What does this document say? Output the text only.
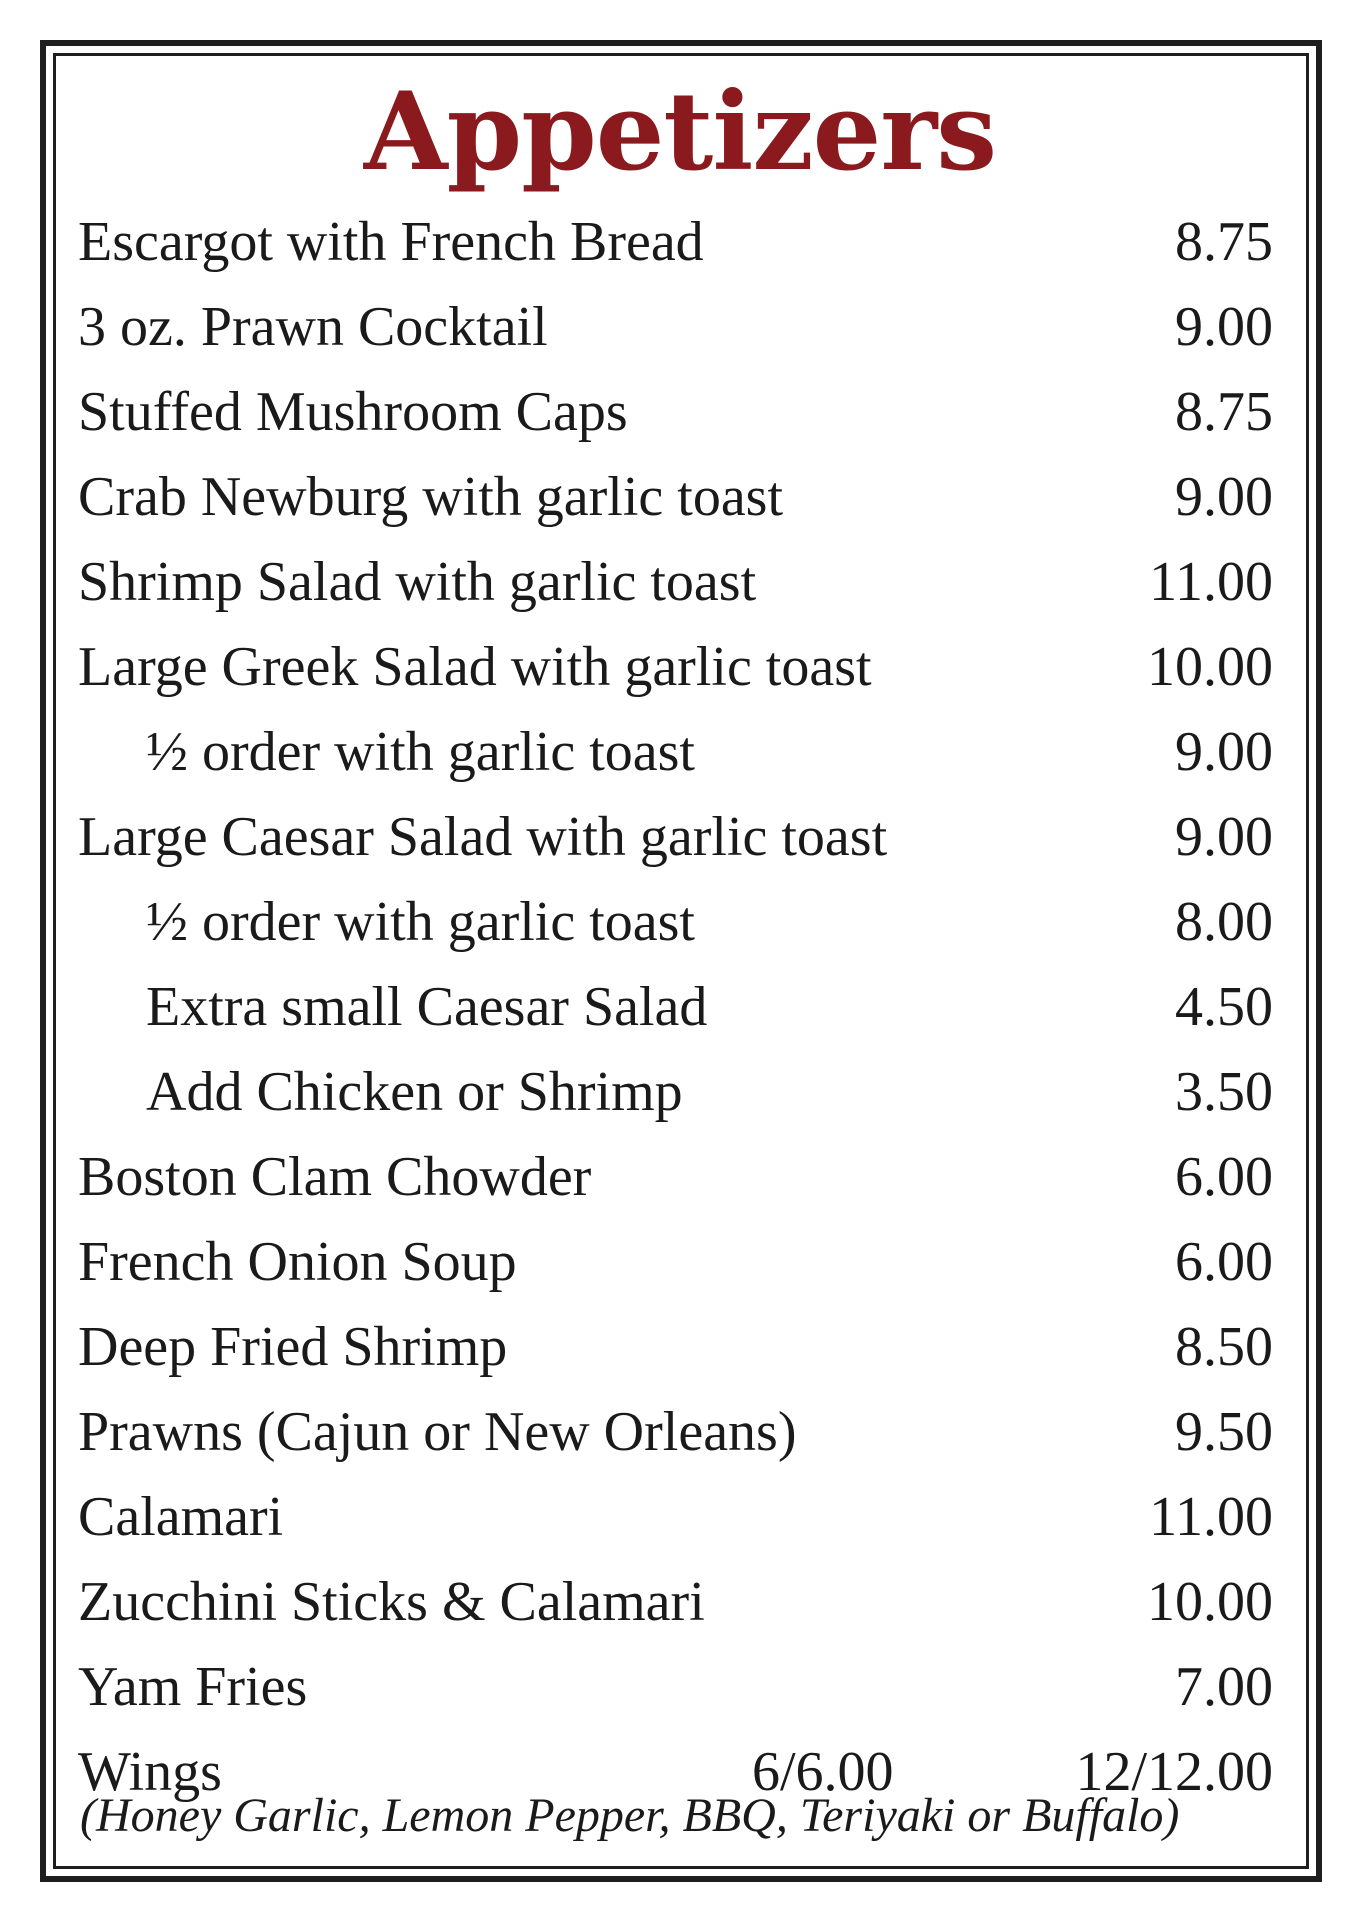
Appetizers
Escargot with French Bread	8.75
3 oz. Prawn Cocktail	9.00
Stuffed Mushroom Caps	8.75
Crab Newburg with garlic toast	9.00
Shrimp Salad with garlic toast	11.00
Large Greek Salad with garlic toast	10.00
½ order with garlic toast	9.00
Large Caesar Salad with garlic toast	9.00
½ order with garlic toast	8.00
Extra small Caesar Salad	4.50
Add Chicken or Shrimp	3.50
Boston Clam Chowder	6.00
French Onion Soup	6.00
Deep Fried Shrimp	8.50
Prawns (Cajun or New Orleans)	9.50
Calamari	11.00
Zucchini Sticks & Calamari	10.00
Yam Fries	7.00
Wings	6/6.00	12/12.00
(Honey Garlic, Lemon Pepper, BBQ, Teriyaki or Buffalo)
